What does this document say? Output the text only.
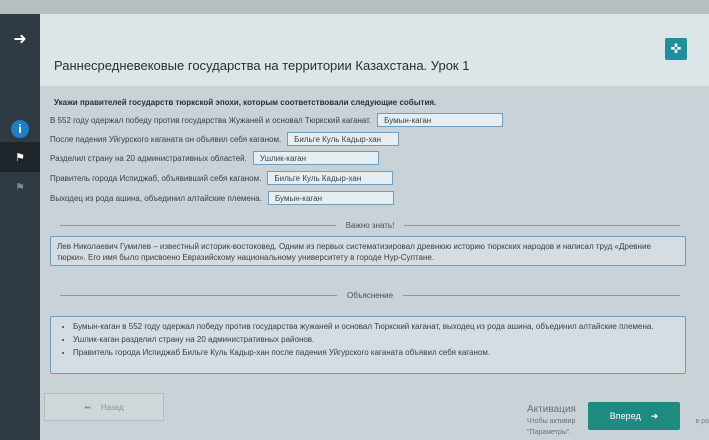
➜
i
⚑
⚑
Раннесредневековые государства на территории Казахстана. Урок 1
✜
Укажи правителей государств тюркской эпохи, которым соответствовали следующие события.
В 552 году одержал победу против государства Жужаней и основал Тюркский каганат.	Бумын-каган
После падения Уйгурского каганата он объявил себя каганом.	Бильге Куль Кадыр-хан
Разделил страну на 20 административных областей.	Ушлик-каган
Правитель города Испиджаб, объявивший себя каганом.	Бильге Куль Кадыр-хан
Выходец из рода ашина, объединил алтайские племена.	Бумын-каган
Важно знать!
Лев Николаевич Гумилев – известный историк-востоковед. Одним из первых систематизировал древнюю историю тюркских народов и написал труд «Древние тюрки». Его имя было присвоено Евразийскому национальному университету в городе Нур-Султане.
Объяснение
• Бумын-каган в 552 году одержал победу против государства жужаней и основал Тюркский каганат, выходец из рода ашина, объединил алтайские племена.
• Ушлик-каган разделил страну на 20 административных районов.
• Правитель города Испиджаб Бильге Куль Кадыр-хан после падения Уйгурского каганата объявил себя каганом.
⬅ Назад	Активация
Чтобы активир
"Параметры".
Вперед ➜
в ра
